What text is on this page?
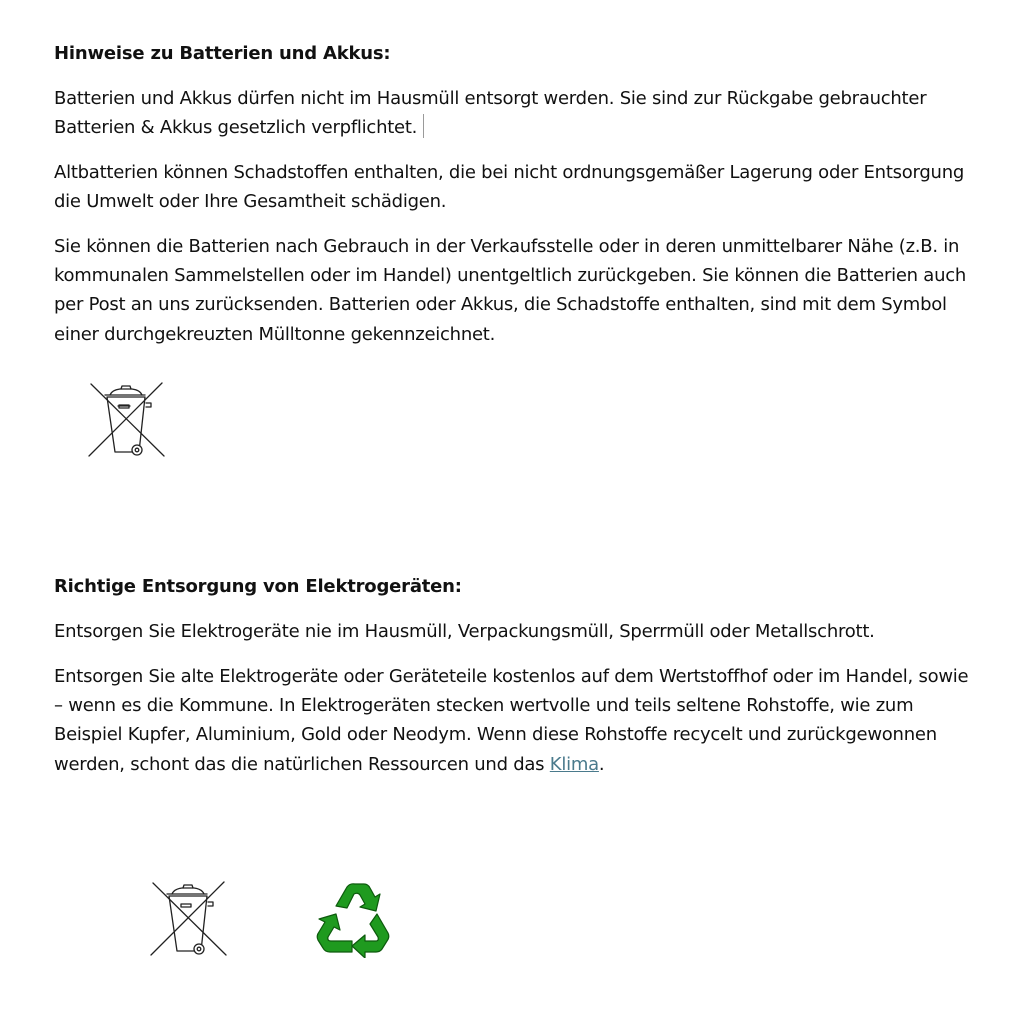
Hinweise zu Batterien und Akkus:

Batterien und Akkus dürfen nicht im Hausmüll entsorgt werden. Sie sind zur Rückgabe gebrauchter Batterien & Akkus gesetzlich verpflichtet.

Altbatterien können Schadstoffen enthalten, die bei nicht ordnungsgemäßer Lagerung oder Entsorgung die Umwelt oder Ihre Gesamtheit schädigen.

Sie können die Batterien nach Gebrauch in der Verkaufsstelle oder in deren unmittelbarer Nähe (z.B. in kommunalen Sammelstellen oder im Handel) unentgeltlich zurückgeben. Sie können die Batterien auch per Post an uns zurücksenden. Batterien oder Akkus, die Schadstoffe enthalten, sind mit dem Symbol einer durchgekreuzten Mülltonne gekennzeichnet.

Richtige Entsorgung von Elektrogeräten:

Entsorgen Sie Elektrogeräte nie im Hausmüll, Verpackungsmüll, Sperrmüll oder Metallschrott.

Entsorgen Sie alte Elektrogeräte oder Geräteteile kostenlos auf dem Wertstoffhof oder im Handel, sowie – wenn es die Kommune. In Elektrogeräten stecken wertvolle und teils seltene Rohstoffe, wie zum Beispiel Kupfer, Aluminium, Gold oder Neodym. Wenn diese Rohstoffe recycelt und zurückgewonnen werden, schont das die natürlichen Ressourcen und das Klima.
